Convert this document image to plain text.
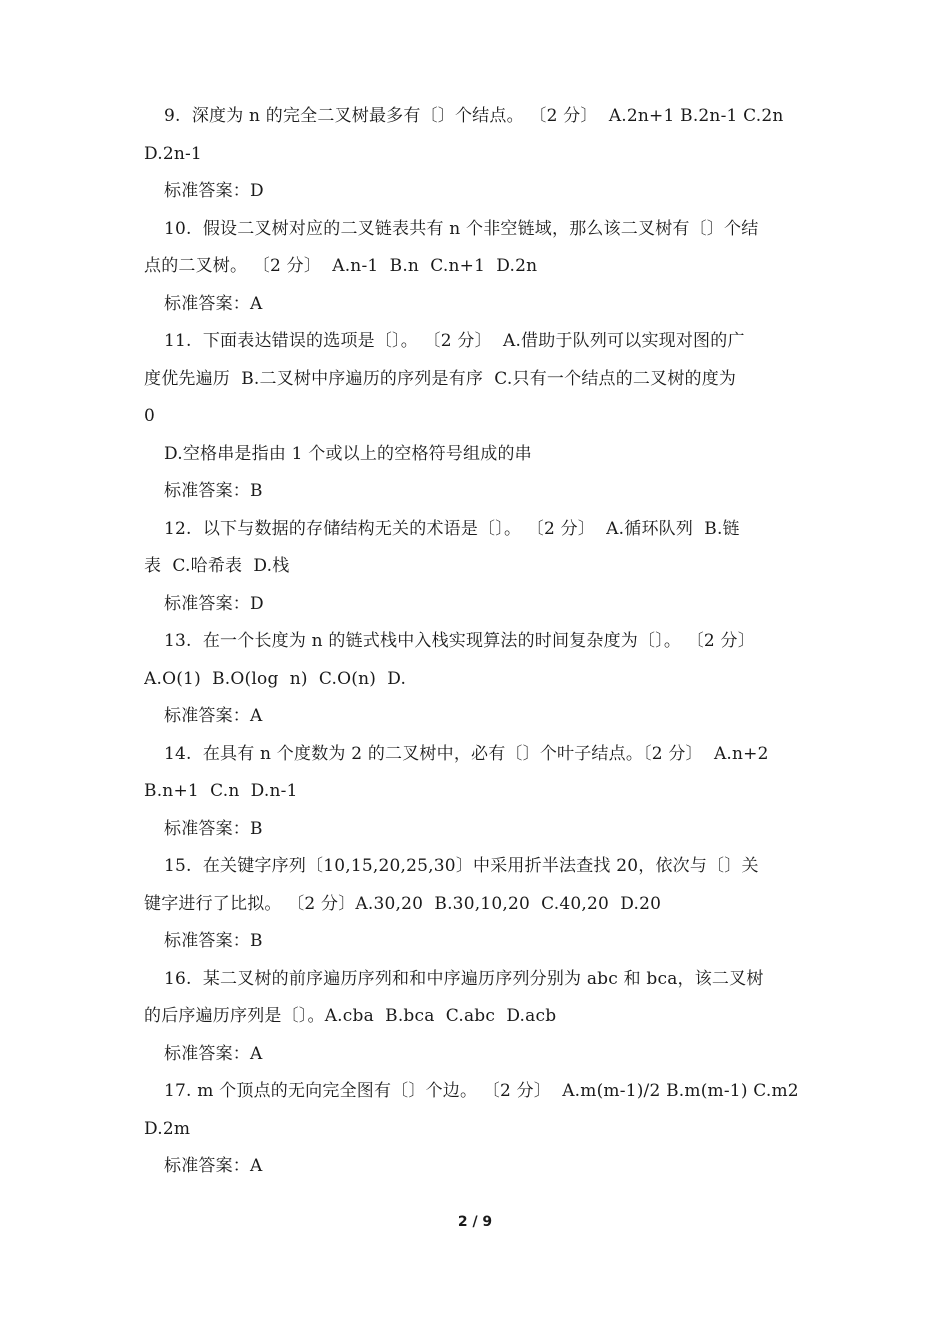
9.  深度为 n 的完全二叉树最多有〔〕个结点。 〔2 分〕  A.2n+1 B.2n-1 C.2n
D.2n-1
标准答案：D
10.  假设二叉树对应的二叉链表共有 n 个非空链域，那么该二叉树有〔〕个结
点的二叉树。 〔2 分〕  A.n-1  B.n  C.n+1  D.2n
标准答案：A
11.  下面表达错误的选项是〔〕。 〔2 分〕  A.借助于队列可以实现对图的广
度优先遍历  B.二叉树中序遍历的序列是有序  C.只有一个结点的二叉树的度为
0
D.空格串是指由 1 个或以上的空格符号组成的串
标准答案：B
12.  以下与数据的存储结构无关的术语是〔〕。 〔2 分〕  A.循环队列  B.链
表  C.哈希表  D.栈
标准答案：D
13.  在一个长度为 n 的链式栈中入栈实现算法的时间复杂度为〔〕。 〔2 分〕
A.O(1)  B.O(log  n)  C.O(n)  D.
标准答案：A
14.  在具有 n 个度数为 2 的二叉树中，必有〔〕个叶子结点。〔2 分〕  A.n+2
B.n+1  C.n  D.n-1
标准答案：B
15.  在关键字序列〔10,15,20,25,30〕中采用折半法查找 20，依次与〔〕关
键字进行了比拟。 〔2 分〕A.30,20  B.30,10,20  C.40,20  D.20
标准答案：B
16.  某二叉树的前序遍历序列和和中序遍历序列分别为 abc 和 bca，该二叉树
的后序遍历序列是〔〕。A.cba  B.bca  C.abc  D.acb
标准答案：A
17. m 个顶点的无向完全图有〔〕个边。 〔2 分〕  A.m(m-1)/2 B.m(m-1) C.m2
D.2m
标准答案：A
2 / 9
